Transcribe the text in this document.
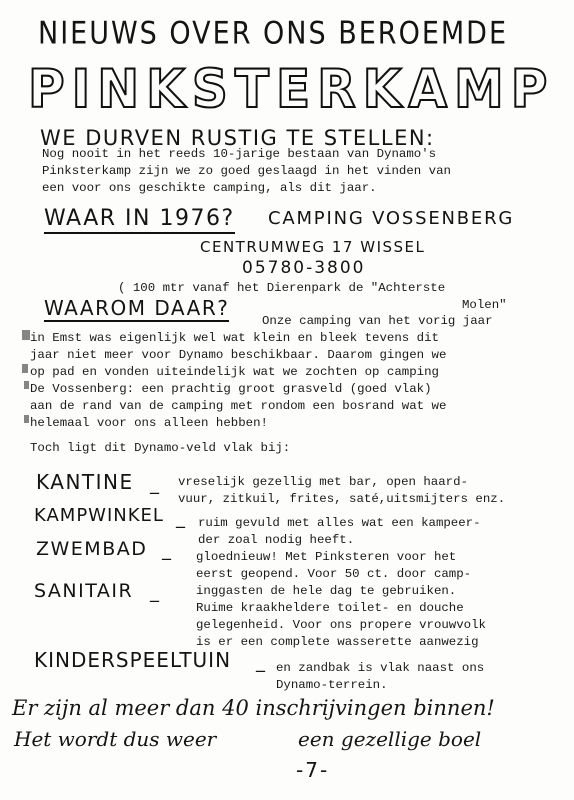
NIEUWS OVER ONS BEROEMDE
PINKSTERKAMP
WE DURVEN RUSTIG TE STELLEN:
Nog nooit in het reeds 10-jarige bestaan van Dynamo's
Pinksterkamp zijn we zo goed geslaagd in het vinden van
een voor ons geschikte camping, als dit jaar.
WAAR IN 1976? CAMPING VOSSENBERG
CENTRUMWEG 17 WISSEL
05780-3800
( 100 mtr vanaf het Dierenpark de "Achterste
Molen"
WAAROM DAAR?
Onze camping van het vorig jaar
in Emst was eigenlijk wel wat klein en bleek tevens dit
jaar niet meer voor Dynamo beschikbaar. Daarom gingen we
op pad en vonden uiteindelijk wat we zochten op camping
De Vossenberg: een prachtig groot grasveld (goed vlak)
aan de rand van de camping met rondom een bosrand wat we
helemaal voor ons alleen hebben!
Toch ligt dit Dynamo-veld vlak bij:
KANTINE _ vreselijk gezellig met bar, open haard-
vuur, zitkuil, frites, saté,uitsmijters enz.
KAMPWINKEL _ ruim gevuld met alles wat een kampeer-
der zoal nodig heeft.
ZWEMBAD _ gloednieuw! Met Pinksteren voor het
eerst geopend. Voor 50 ct. door camp-
inggasten de hele dag te gebruiken.
SANITAIR _
Ruime kraakheldere toilet- en douche
gelegenheid. Voor ons propere vrouwvolk
is er een complete wasserette aanwezig
KINDERSPEELTUIN _ en zandbak is vlak naast ons
Dynamo-terrein.
Er zijn al meer dan 40 inschrijvingen binnen!
Het wordt dus weer	een gezellige boel
-7-
